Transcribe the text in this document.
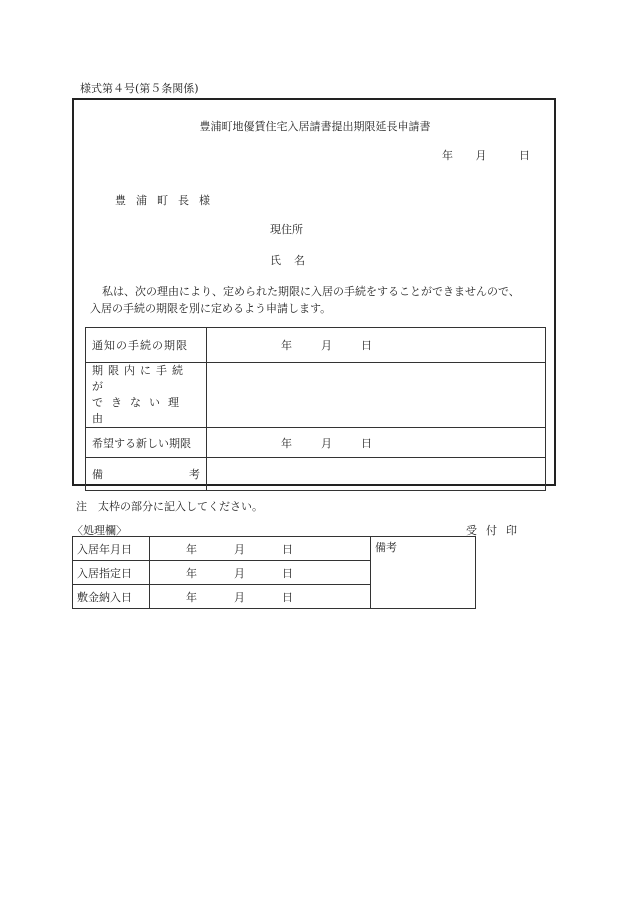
様式第４号(第５条関係)
豊浦町地優賃住宅入居請書提出期限延長申請書
年 月	日
豊浦町長様
現住所
氏名
私は、次の理由により、定められた期限に入居の手続をすることができませんので、
入居の手続の期限を別に定めるよう申請します。
通知の手続の期限	年 月 日

期限内に手続が
できない理由	

希望する新しい期限	年 月 日
備 考	

注　太枠の部分に記入してください。
〈処理欄〉	受付印
入居年月日	年 月 日	備考
入居指定日	年 月 日	
敷金納入日	年 月 日	
